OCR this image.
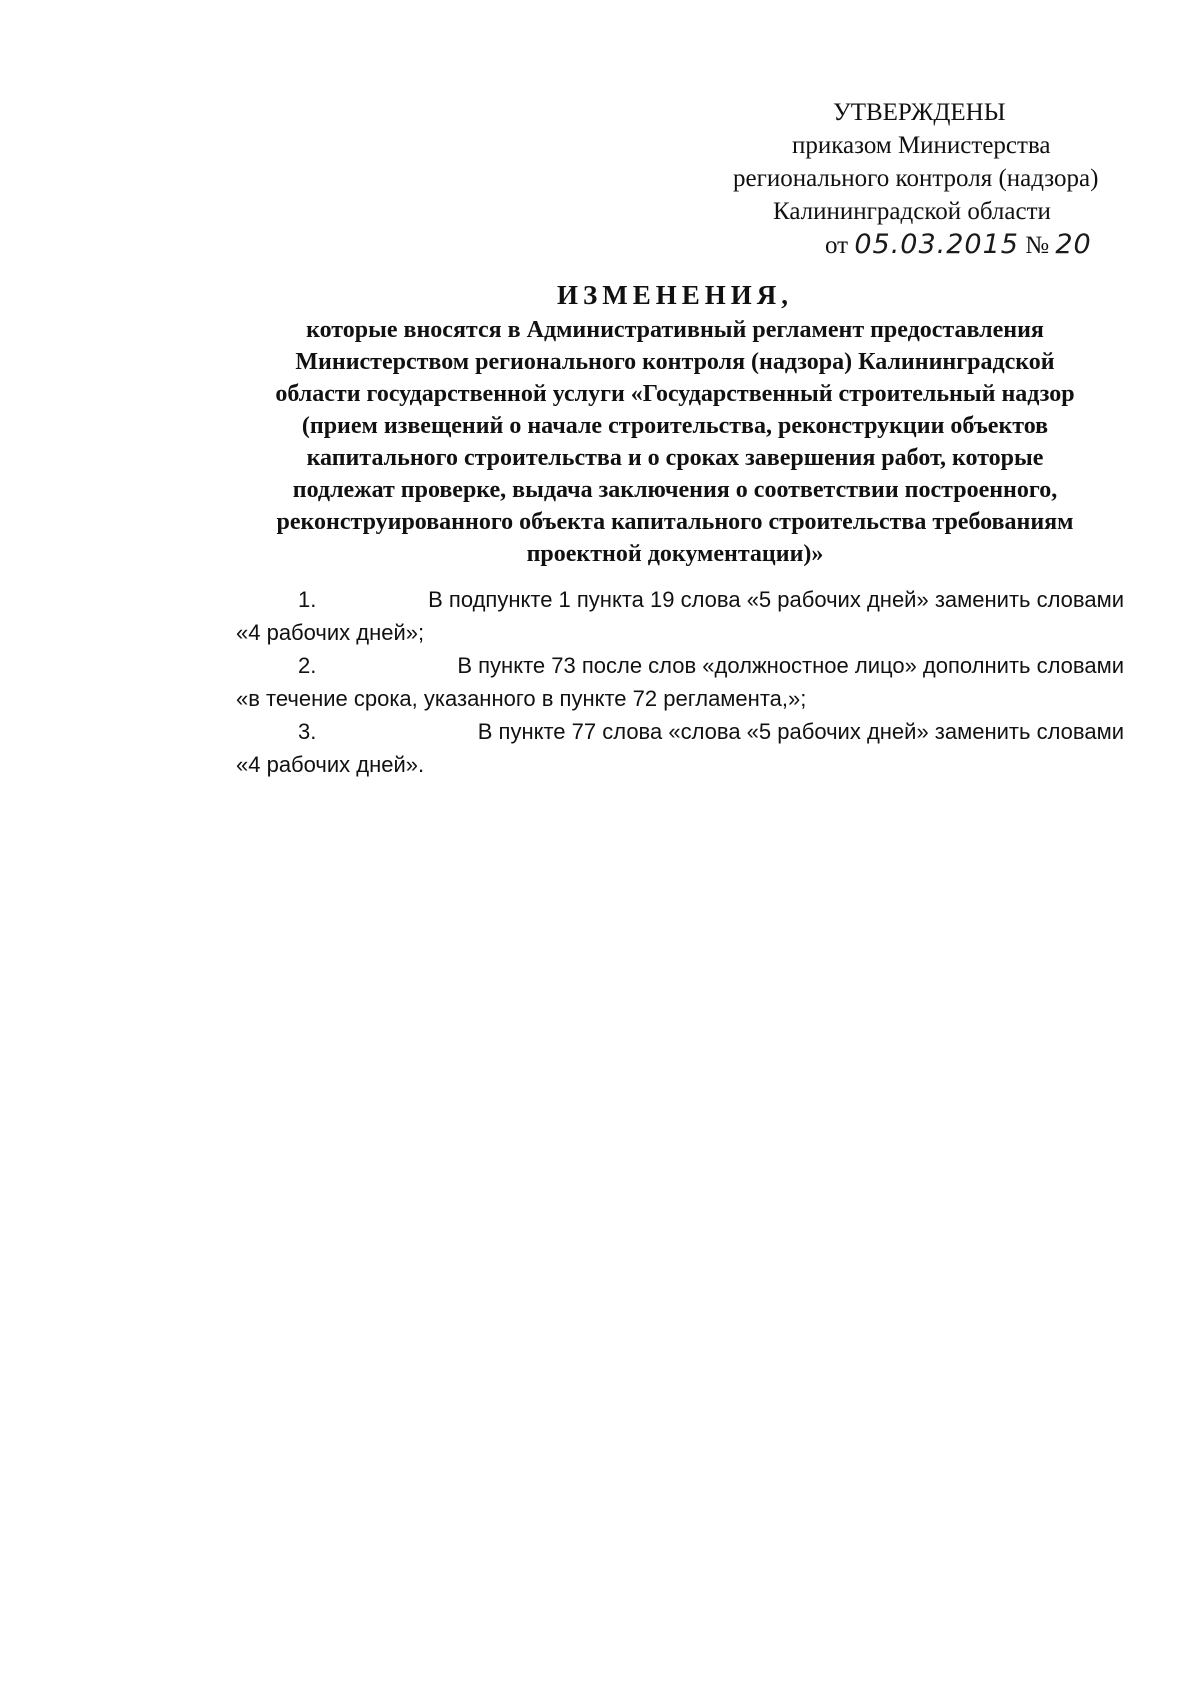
УТВЕРЖДЕНЫ
приказом Министерства
регионального контроля (надзора)
Калининградской области
от 05.03.2015 № 20
ИЗМЕНЕНИЯ,
которые вносятся в Административный регламент предоставления
Министерством регионального контроля (надзора) Калининградской
области государственной услуги «Государственный строительный надзор
(прием извещений о начале строительства, реконструкции объектов
капитального строительства и о сроках завершения работ, которые
подлежат проверке, выдача заключения о соответствии построенного,
реконструированного объекта капитального строительства требованиям
проектной документации)»
1.	В подпункте 1 пункта 19 слова «5 рабочих дней» заменить словами
«4 рабочих дней»;
2.	В пункте 73 после слов «должностное лицо» дополнить словами
«в течение срока, указанного в пункте 72 регламента,»;
3.	В пункте 77 слова «слова «5 рабочих дней» заменить словами
«4 рабочих дней».
